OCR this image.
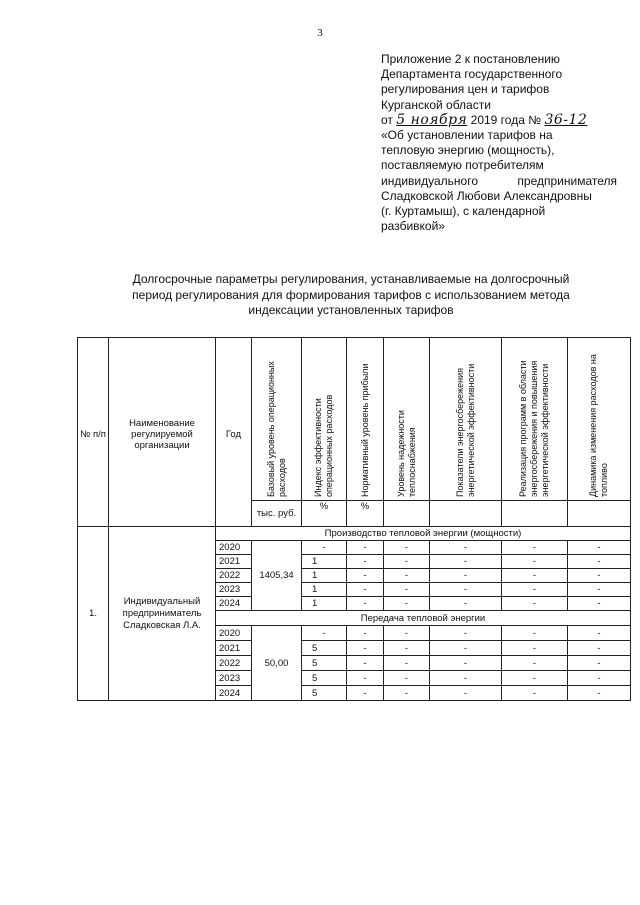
3
Приложение 2 к постановлению
Департамента государственного
регулирования цен и тарифов
Курганской области
от 5 ноября 2019 года № 36-12
«Об установлении тарифов на
тепловую энергию (мощность),
поставляемую потребителям
индивидуального предпринимателя
Сладковской Любови Александровны
(г. Куртамыш), с календарной
разбивкой»
Долгосрочные параметры регулирования, устанавливаемые на долгосрочный
период регулирования для формирования тарифов с использованием метода
индексации установленных тарифов
№ п/п	Наименование регулируемой организации	Год	Базовый уровень операционных расходов	Индекс эффективности операционных расходов	Нормативный уровень прибыли	Уровень надежности теплоснабжения	Показатели энергосбережения энергетической эффективности	Реализация программ в области энергосбережения и повышения энергетической эффективности	Динамика изменения расходов на топливо

			тыс. руб.	%	%				
1.	Индивидуальный предприниматель Сладковская Л.А.	Производство тепловой энергии (мощности)							
		2020	1405,34	-	-	-	-	-	-
		2021		1	-	-	-	-	-
		2022		1	-	-	-	-	-
		2023		1	-	-	-	-	-
		2024		1	-	-	-	-	-
		Передача тепловой энергии							
		2020	50,00	-	-	-	-	-	-
		2021		5	-	-	-	-	-
		2022		5	-	-	-	-	-
		2023		5	-	-	-	-	-
		2024		5	-	-	-	-	-
